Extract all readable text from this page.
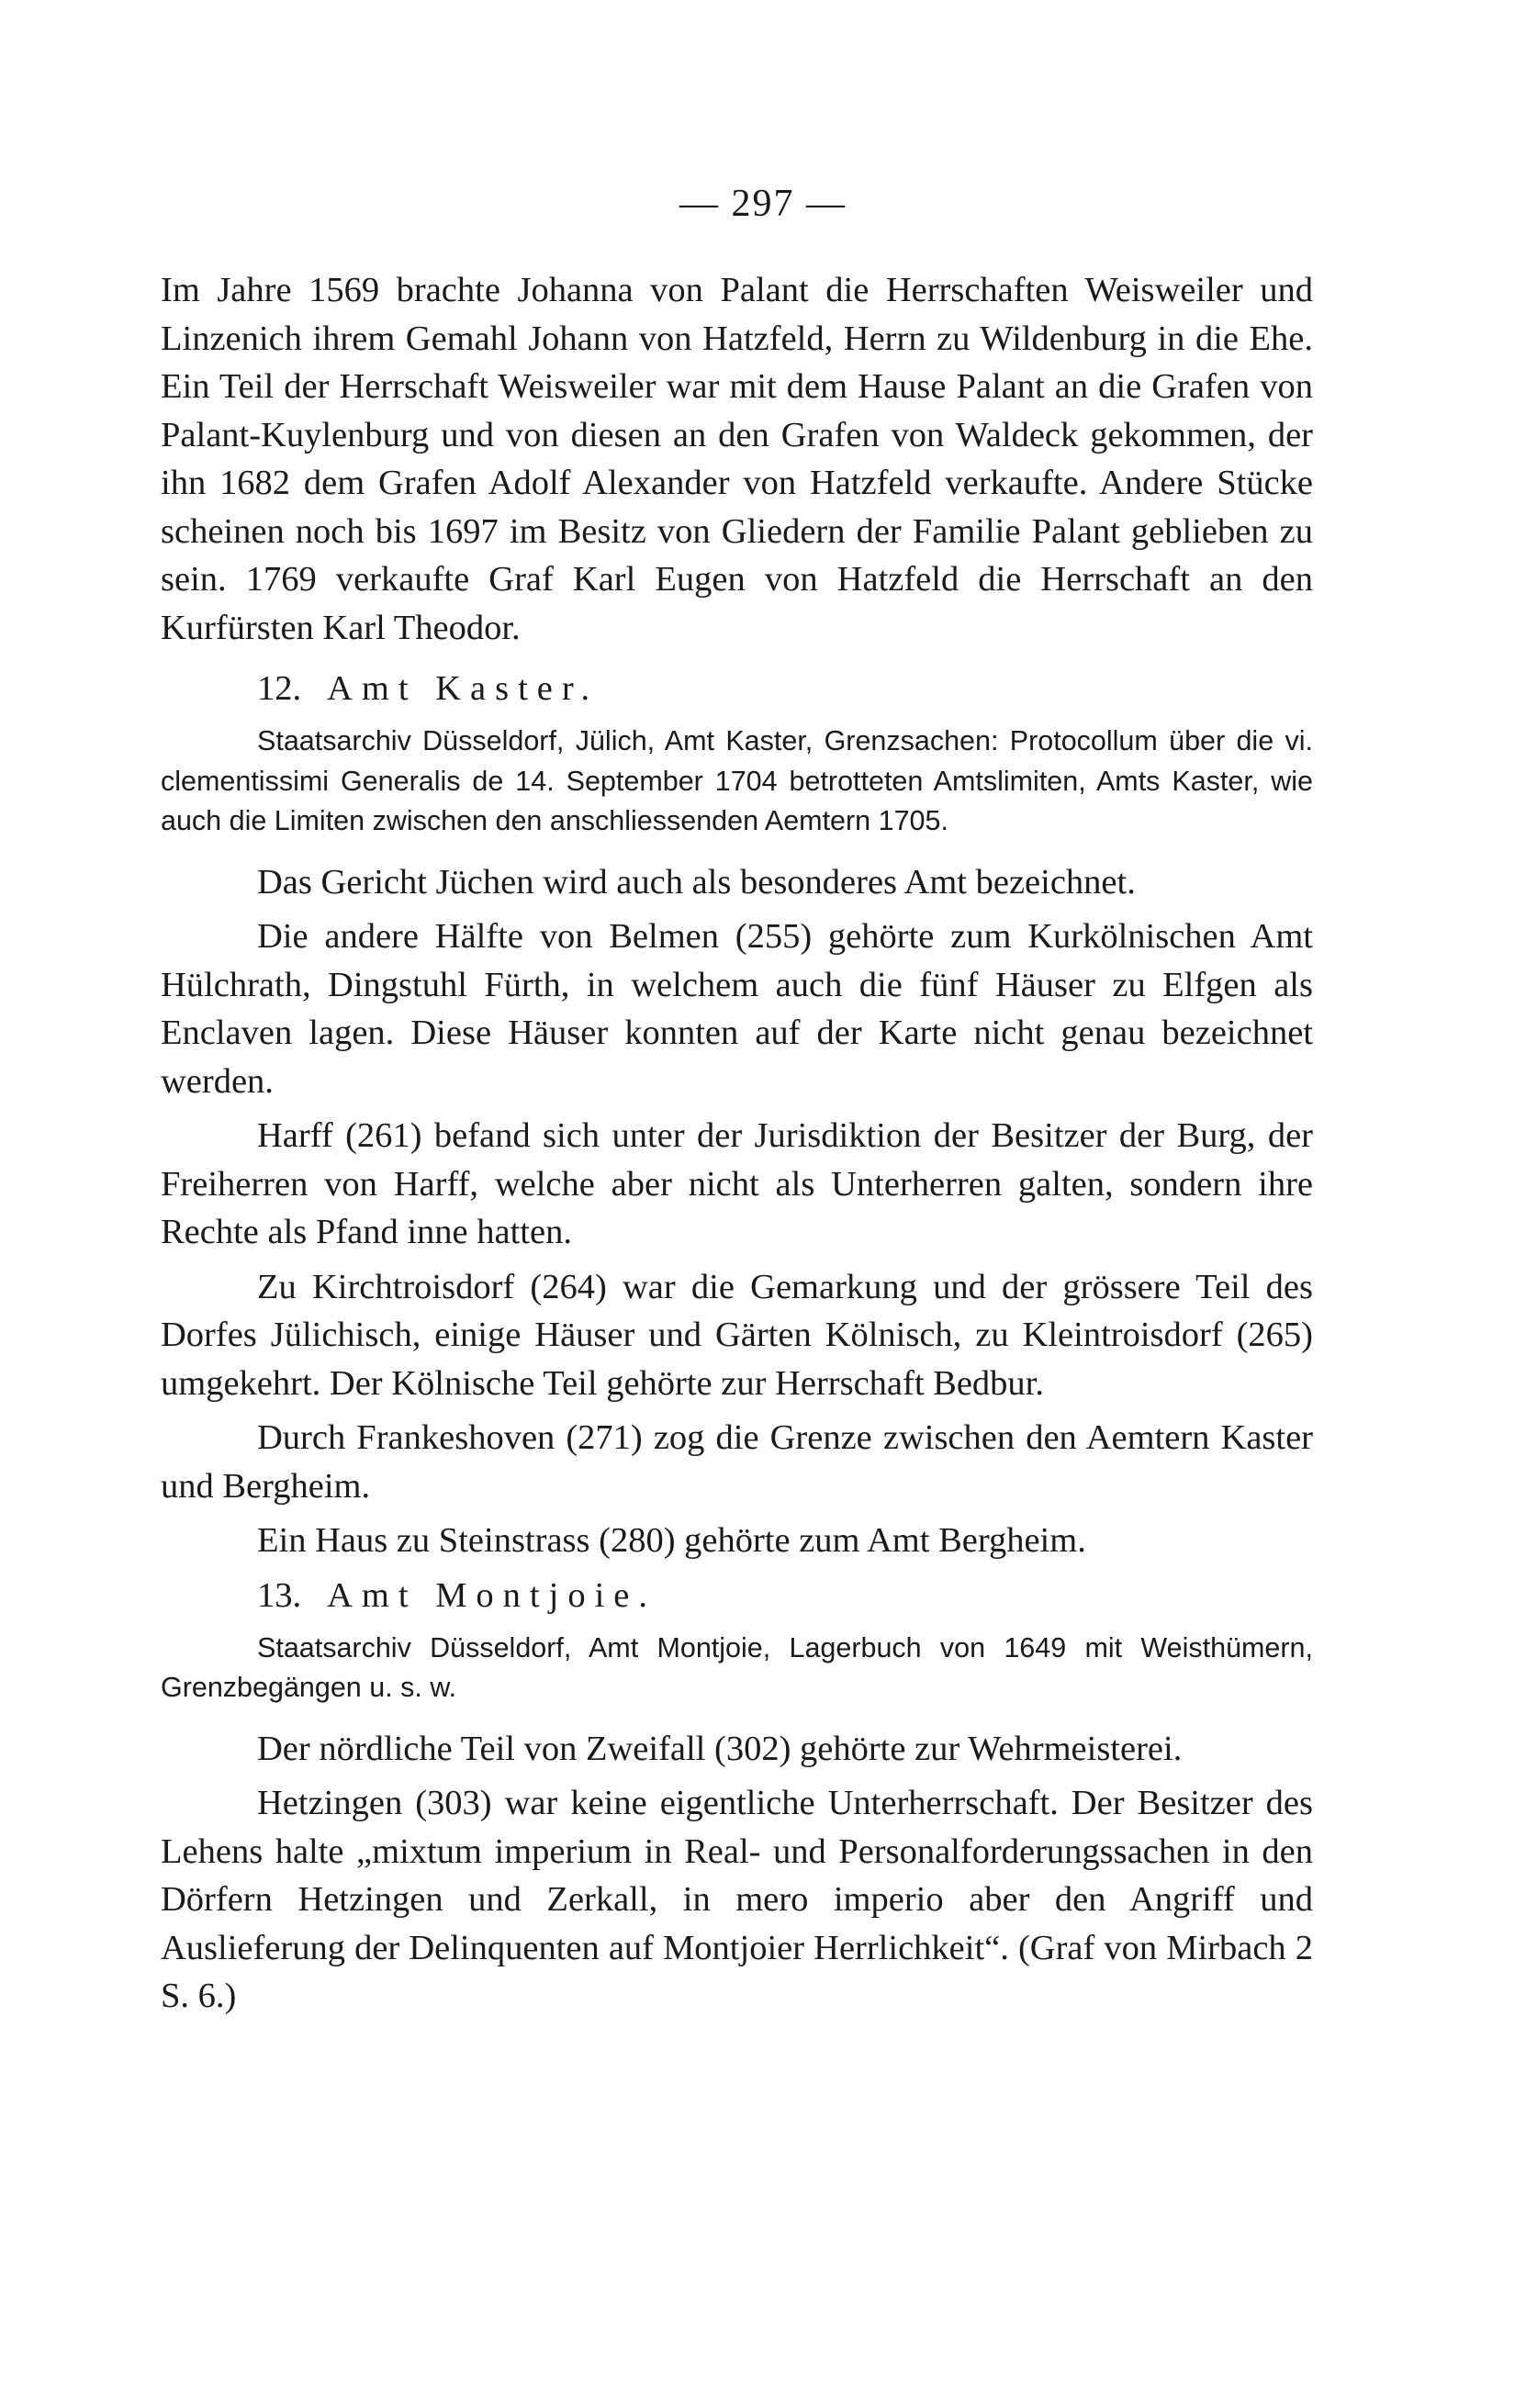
— 297 —

Im Jahre 1569 brachte Johanna von Palant die Herrschaften Weisweiler und Linzenich ihrem Gemahl Johann von Hatzfeld, Herrn zu Wildenburg in die Ehe. Ein Teil der Herrschaft Weisweiler war mit dem Hause Palant an die Grafen von Palant-Kuylenburg und von diesen an den Grafen von Waldeck gekommen, der ihn 1682 dem Grafen Adolf Alexander von Hatzfeld verkaufte. Andere Stücke scheinen noch bis 1697 im Besitz von Gliedern der Familie Palant geblieben zu sein. 1769 verkaufte Graf Karl Eugen von Hatzfeld die Herrschaft an den Kurfürsten Karl Theodor.

12. Amt Kaster.

Staatsarchiv Düsseldorf, Jülich, Amt Kaster, Grenzsachen: Protocollum über die vi. clementissimi Generalis de 14. September 1704 betrotteten Amtslimiten, Amts Kaster, wie auch die Limiten zwischen den anschliessenden Aemtern 1705.

Das Gericht Jüchen wird auch als besonderes Amt bezeichnet.

Die andere Hälfte von Belmen (255) gehörte zum Kurkölnischen Amt Hülchrath, Dingstuhl Fürth, in welchem auch die fünf Häuser zu Elfgen als Enclaven lagen. Diese Häuser konnten auf der Karte nicht genau bezeichnet werden.

Harff (261) befand sich unter der Jurisdiktion der Besitzer der Burg, der Freiherren von Harff, welche aber nicht als Unterherren galten, sondern ihre Rechte als Pfand inne hatten.

Zu Kirchtroisdorf (264) war die Gemarkung und der grössere Teil des Dorfes Jülichisch, einige Häuser und Gärten Kölnisch, zu Kleintroisdorf (265) umgekehrt. Der Kölnische Teil gehörte zur Herrschaft Bedbur.

Durch Frankeshoven (271) zog die Grenze zwischen den Aemtern Kaster und Bergheim.

Ein Haus zu Steinstrass (280) gehörte zum Amt Bergheim.

13. Amt Montjoie.

Staatsarchiv Düsseldorf, Amt Montjoie, Lagerbuch von 1649 mit Weisthümern, Grenzbegängen u. s. w.

Der nördliche Teil von Zweifall (302) gehörte zur Wehrmeisterei.

Hetzingen (303) war keine eigentliche Unterherrschaft. Der Besitzer des Lehens halte „mixtum imperium in Real- und Personalforderungssachen in den Dörfern Hetzingen und Zerkall, in mero imperio aber den Angriff und Auslieferung der Delinquenten auf Montjoier Herrlichkeit“. (Graf von Mirbach 2 S. 6.)
